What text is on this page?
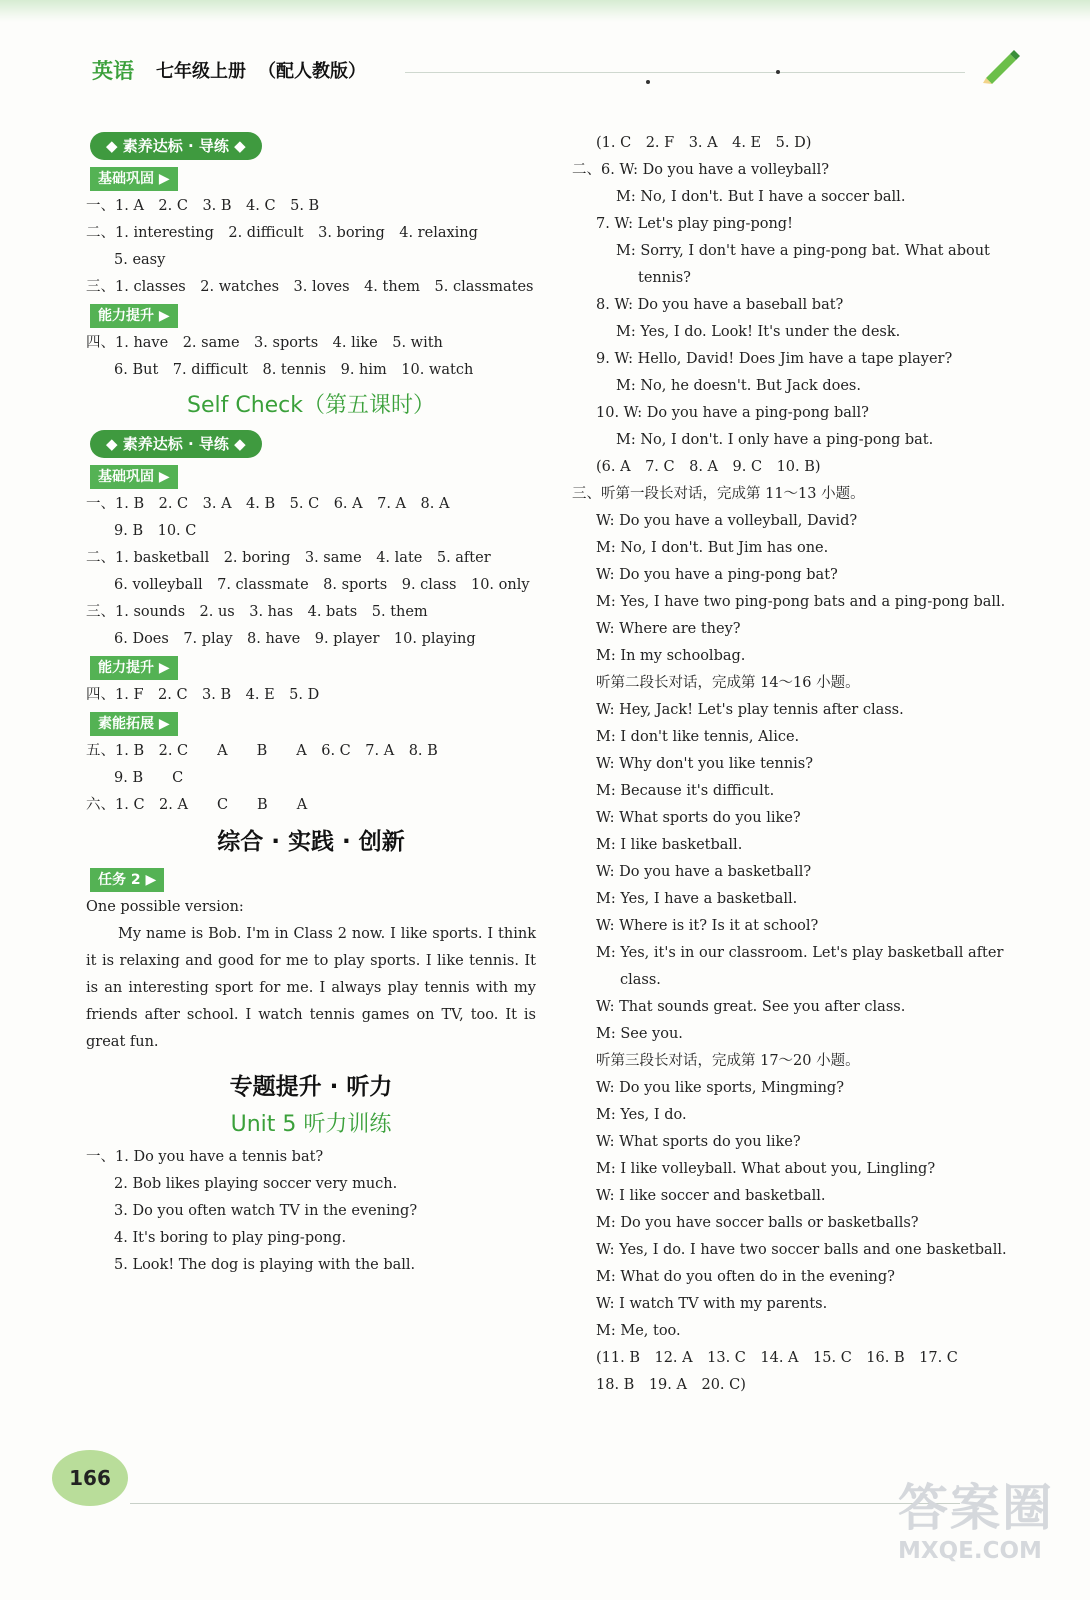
英语 七年级上册 （配人教版）
◆ 素养达标 · 导练 ◆
基础巩固 ▶
一、1. A　2. C　3. B　4. C　5. B
二、1. interesting　2. difficult　3. boring　4. relaxing
5. easy
三、1. classes　2. watches　3. loves　4. them　5. classmates
能力提升 ▶
四、1. have　2. same　3. sports　4. like　5. with
6. But　7. difficult　8. tennis　9. him　10. watch
Self Check（第五课时）
◆ 素养达标 · 导练 ◆
基础巩固 ▶
一、1. B　2. C　3. A　4. B　5. C　6. A　7. A　8. A
9. B　10. C
二、1. basketball　2. boring　3. same　4. late　5. after
6. volleyball　7. classmate　8. sports　9. class　10. only
三、1. sounds　2. us　3. has　4. bats　5. them
6. Does　7. play　8. have　9. player　10. playing
能力提升 ▶
四、1. F　2. C　3. B　4. E　5. D
素能拓展 ▶
五、1. B　2. C　　A　　B　　A　6. C　7. A　8. B
9. B　　C
六、1. C　2. A　　C　　B　　A
综合 · 实践 · 创新
任务 2 ▶
One possible version:
My name is Bob. I'm in Class 2 now. I like sports. I think it is relaxing and good for me to play sports. I like tennis. It is an interesting sport for me. I always play tennis with my friends after school. I watch tennis games on TV, too. It is great fun.
专题提升 · 听力
Unit 5 听力训练
一、1. Do you have a tennis bat?
2. Bob likes playing soccer very much.
3. Do you often watch TV in the evening?
4. It's boring to play ping-pong.
5. Look! The dog is playing with the ball.
(1. C　2. F　3. A　4. E　5. D)
二、6. W: Do you have a volleyball?
M: No, I don't. But I have a soccer ball.
7. W: Let's play ping-pong!
M: Sorry, I don't have a ping-pong bat. What about
tennis?
8. W: Do you have a baseball bat?
M: Yes, I do. Look! It's under the desk.
9. W: Hello, David! Does Jim have a tape player?
M: No, he doesn't. But Jack does.
10. W: Do you have a ping-pong ball?
M: No, I don't. I only have a ping-pong bat.
(6. A　7. C　8. A　9. C　10. B)
三、听第一段长对话，完成第 11～13 小题。
W: Do you have a volleyball, David?
M: No, I don't. But Jim has one.
W: Do you have a ping-pong bat?
M: Yes, I have two ping-pong bats and a ping-pong ball.
W: Where are they?
M: In my schoolbag.
听第二段长对话，完成第 14～16 小题。
W: Hey, Jack! Let's play tennis after class.
M: I don't like tennis, Alice.
W: Why don't you like tennis?
M: Because it's difficult.
W: What sports do you like?
M: I like basketball.
W: Do you have a basketball?
M: Yes, I have a basketball.
W: Where is it? Is it at school?
M: Yes, it's in our classroom. Let's play basketball after
class.
W: That sounds great. See you after class.
M: See you.
听第三段长对话，完成第 17～20 小题。
W: Do you like sports, Mingming?
M: Yes, I do.
W: What sports do you like?
M: I like volleyball. What about you, Lingling?
W: I like soccer and basketball.
M: Do you have soccer balls or basketballs?
W: Yes, I do. I have two soccer balls and one basketball.
M: What do you often do in the evening?
W: I watch TV with my parents.
M: Me, too.
(11. B　12. A　13. C　14. A　15. C　16. B　17. C
18. B　19. A　20. C)
166
答案圈
MXQE.COM
